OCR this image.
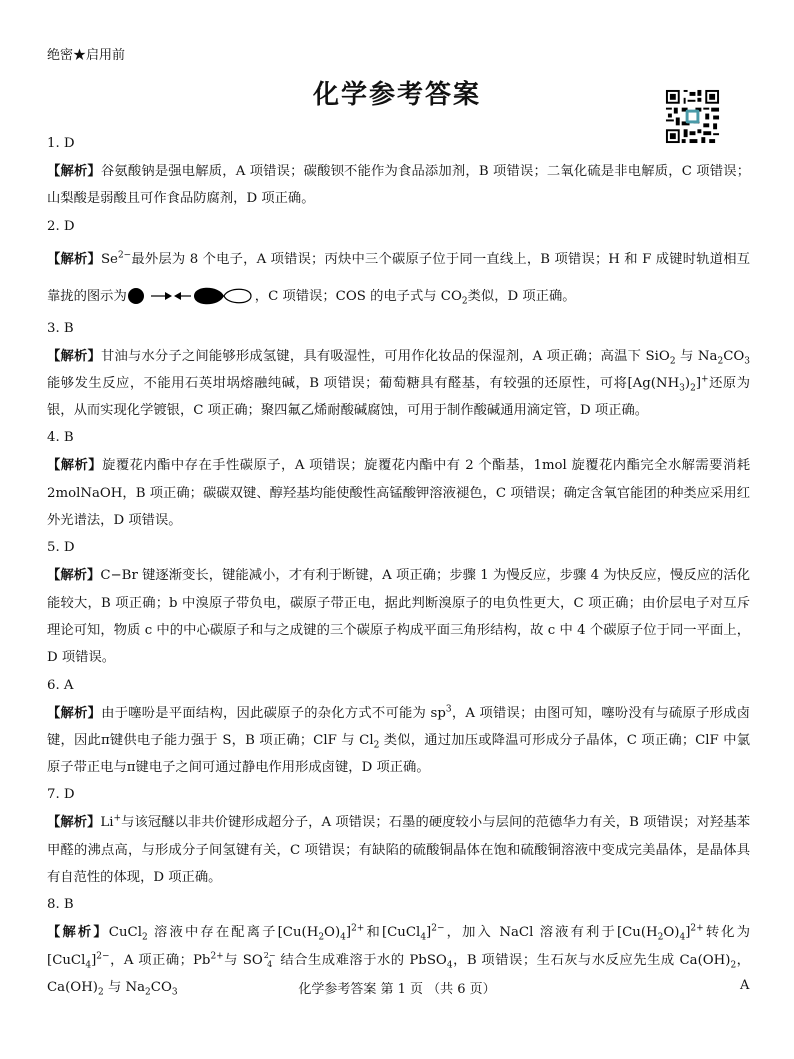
绝密★启用前
化学参考答案
1. D
【解析】谷氨酸钠是强电解质，A 项错误；碳酸钡不能作为食品添加剂，B 项错误；二氧化硫是非电解质，C 项错误；山梨酸是弱酸且可作食品防腐剂，D 项正确。
2. D
【解析】$Se^{2-}$最外层为 8 个电子，A 项错误；丙炔中三个碳原子位于同一直线上，B 项错误；H 和 F 成键时轨道相互靠拢的图示为	，C 项错误；COS 的电子式与 $CO_2$类似，D 项正确。
3. B
【解析】甘油与水分子之间能够形成氢键，具有吸湿性，可用作化妆品的保湿剂，A 项正确；高温下 SiO$_2$ 与 $Na_2CO_3$能够发生反应，不能用石英坩埚熔融纯碱，B 项错误；葡萄糖具有醛基，有较强的还原性，可将$[Ag(NH_3)_2]^+$还原为银，从而实现化学镀银，C 项正确；聚四氟乙烯耐酸碱腐蚀，可用于制作酸碱通用滴定管，D 项正确。
4. B
【解析】旋覆花内酯中存在手性碳原子，A 项错误；旋覆花内酯中有 2 个酯基，1mol 旋覆花内酯完全水解需要消耗 2molNaOH，B 项正确；碳碳双键、醇羟基均能使酸性高锰酸钾溶液褪色，C 项错误；确定含氧官能团的种类应采用红外光谱法，D 项错误。
5. D
【解析】C−Br 键逐渐变长，键能减小，才有利于断键，A 项正确；步骤 1 为慢反应，步骤 4 为快反应，慢反应的活化能较大，B 项正确；b 中溴原子带负电，碳原子带正电，据此判断溴原子的电负性更大，C 项正确；由价层电子对互斥理论可知，物质 c 中的中心碳原子和与之成键的三个碳原子构成平面三角形结构，故 c 中 4 个碳原子位于同一平面上，D 项错误。
6. A
【解析】由于噻吩是平面结构，因此碳原子的杂化方式不可能为 $sp^3$，A 项错误；由图可知，噻吩没有与硫原子形成卤键，因此π键供电子能力强于 S，B 项正确；ClF 与 $Cl_2$ 类似，通过加压或降温可形成分子晶体，C 项正确；ClF 中氯原子带正电与π键电子之间可通过静电作用形成卤键，D 项正确。
7. D
【解析】Li+与该冠醚以非共价键形成超分子，A 项错误；石墨的硬度较小与层间的范德华力有关，B 项错误；对羟基苯甲醛的沸点高，与形成分子间氢键有关，C 项错误；有缺陷的硫酸铜晶体在饱和硫酸铜溶液中变成完美晶体，是晶体具有自范性的体现，D 项正确。
8. B
【解析】CuCl$_2$ 溶液中存在配离子$[Cu(H_2O)_4]^{2+}$和[CuCl$_4$]$^{2-}$，加入 NaCl 溶液有利于$[Cu(H_2O)_4]^{2+}$转化为[CuCl$_4$]$^{2-}$，A 项正确；$Pb^{2+}$与 SO 2−
4 结合生成难溶于水的 PbSO$_4$，B 项错误；生石灰与水反应先生成 $Ca(OH)_2$，$Ca(OH)_2$ 与 $Na_2CO_3$	化学参考答案 第 1 页 （共 6 页）	A
